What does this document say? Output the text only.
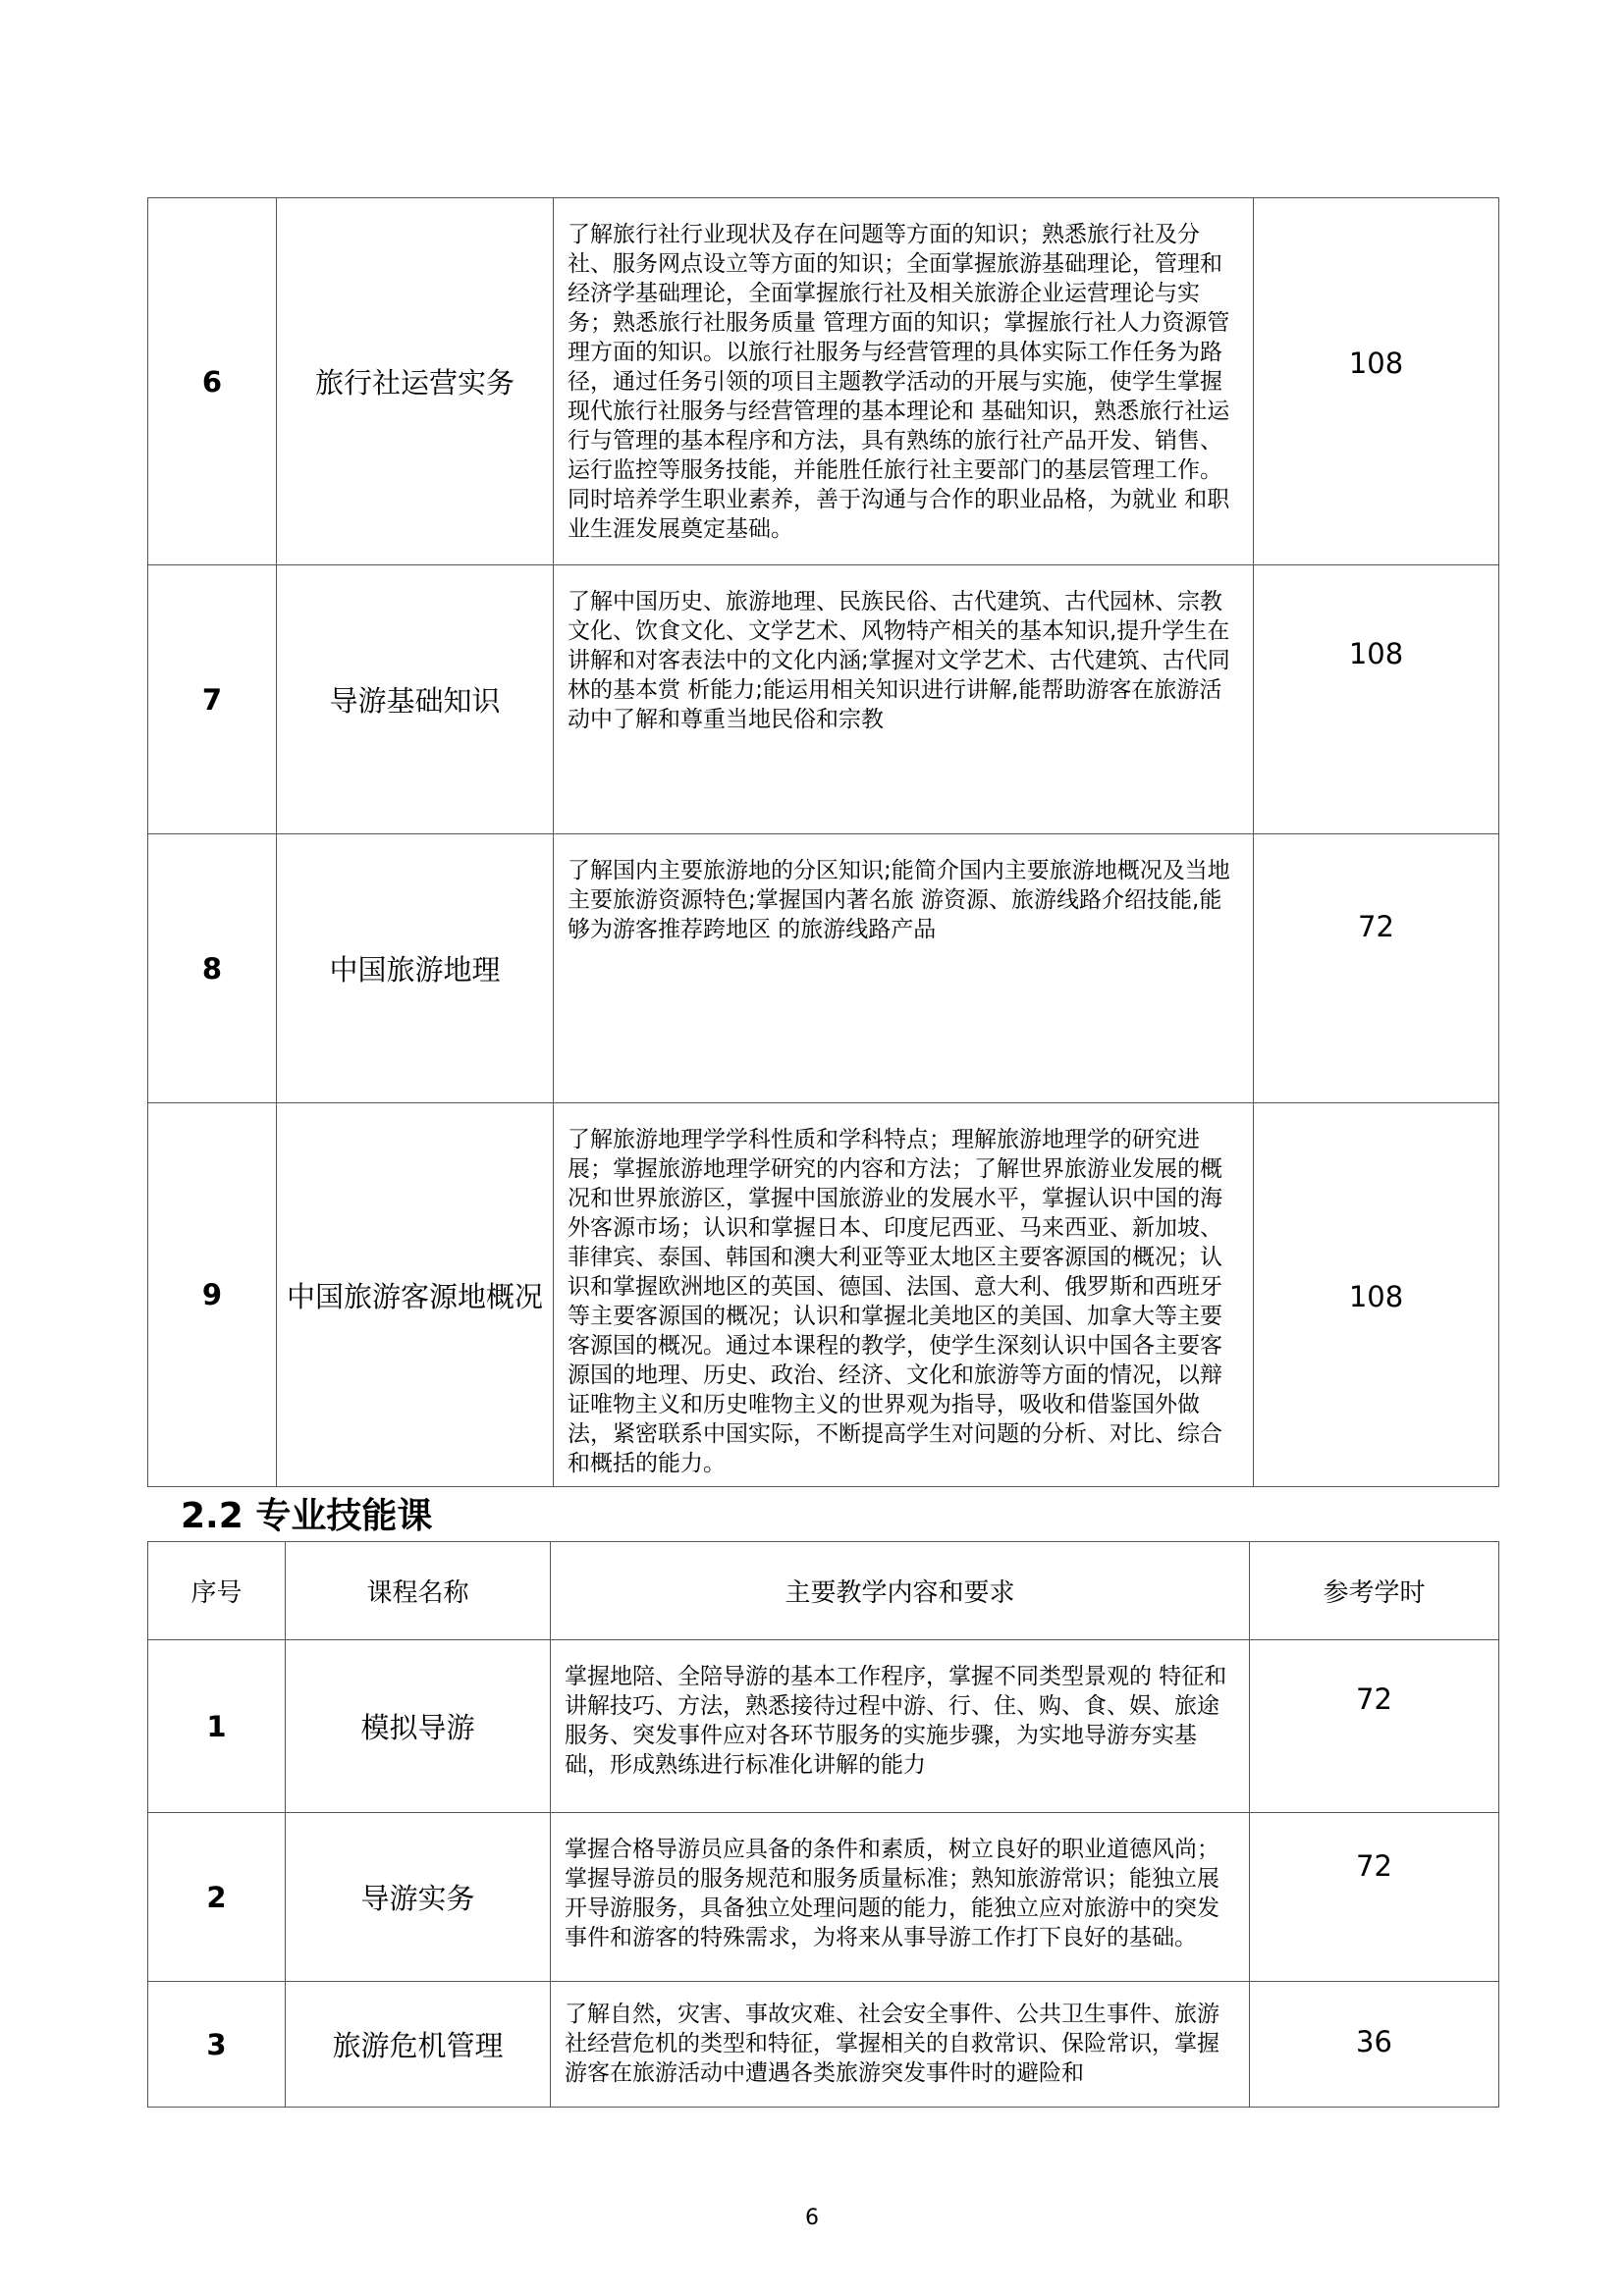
6	旅行社运营实务	了解旅行社行业现状及存在问题等方面的知识；熟悉旅行社及分社、服务网点设立等方面的知识；全面掌握旅游基础理论，管理和经济学基础理论，全面掌握旅行社及相关旅游企业运营理论与实务；熟悉旅行社服务质量 管理方面的知识；掌握旅行社人力资源管理方面的知识。以旅行社服务与经营管理的具体实际工作任务为路径，通过任务引领的项目主题教学活动的开展与实施，使学生掌握现代旅行社服务与经营管理的基本理论和 基础知识，熟悉旅行社运行与管理的基本程序和方法，具有熟练的旅行社产品开发、销售、运行监控等服务技能，并能胜任旅行社主要部门的基层管理工作。同时培养学生职业素养，善于沟通与合作的职业品格，为就业 和职业生涯发展奠定基础。	108

7	导游基础知识	了解中国历史、旅游地理、民族民俗、古代建筑、古代园林、宗教文化、饮食文化、文学艺术、风物特产相关的基本知识,提升学生在讲解和对客表法中的文化内涵;掌握对文学艺术、古代建筑、古代同林的基本赏 析能力;能运用相关知识进行讲解,能帮助游客在旅游活动中了解和尊重当地民俗和宗教	108

8	中国旅游地理	了解国内主要旅游地的分区知识;能简介国内主要旅游地概况及当地主要旅游资源特色;掌握国内著名旅 游资源、旅游线路介绍技能,能够为游客推荐跨地区 的旅游线路产品	72

9	中国旅游客源地概况	了解旅游地理学学科性质和学科特点；理解旅游地理学的研究进展；掌握旅游地理学研究的内容和方法；了解世界旅游业发展的概况和世界旅游区，掌握中国旅游业的发展水平，掌握认识中国的海外客源市场；认识和掌握日本、印度尼西亚、马来西亚、新加坡、菲律宾、泰国、韩国和澳大利亚等亚太地区主要客源国的概况；认识和掌握欧洲地区的英国、德国、法国、意大利、俄罗斯和西班牙等主要客源国的概况；认识和掌握北美地区的美国、加拿大等主要客源国的概况。通过本课程的教学，使学生深刻认识中国各主要客源国的地理、历史、政治、经济、文化和旅游等方面的情况，以辩证唯物主义和历史唯物主义的世界观为指导，吸收和借鉴国外做法，紧密联系中国实际，不断提高学生对问题的分析、对比、综合和概括的能力。	108
2.2 专业技能课
序号	课程名称	主要教学内容和要求	参考学时
1	模拟导游	掌握地陪、全陪导游的基本工作程序，掌握不同类型景观的 特征和讲解技巧、方法，熟悉接待过程中游、行、住、购、食、娱、旅途服务、突发事件应对各环节服务的实施步骤，为实地导游夯实基础，形成熟练进行标准化讲解的能力	72

2	导游实务	掌握合格导游员应具备的条件和素质，树立良好的职业道德风尚；掌握导游员的服务规范和服务质量标准；熟知旅游常识；能独立展开导游服务，具备独立处理问题的能力，能独立应对旅游中的突发事件和游客的特殊需求，为将来从事导游工作打下良好的基础。	72

3	旅游危机管理	了解自然，灾害、事故灾难、社会安全事件、公共卫生事件、旅游社经营危机的类型和特征，掌握相关的自救常识、保险常识，掌握游客在旅游活动中遭遇各类旅游突发事件时的避险和	36
6
